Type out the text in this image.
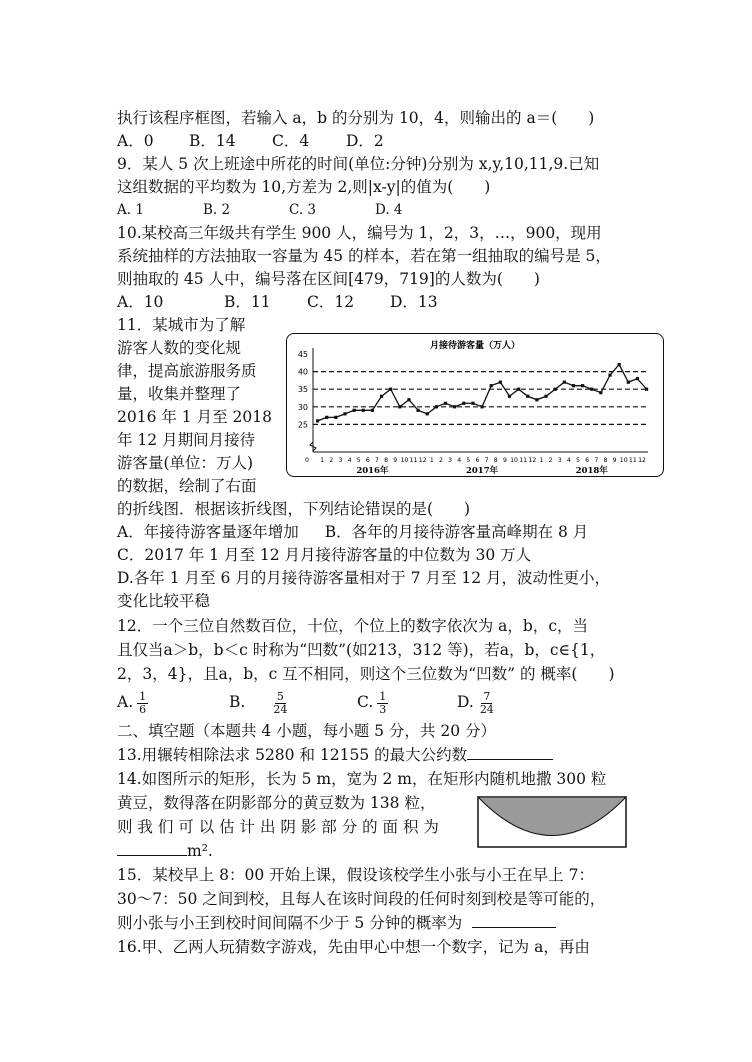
执行该程序框图，若输入 a，b 的分别为 10，4，则输出的 a＝(　　)
A．0 B．14 C．4 D．2
9．某人 5 次上班途中所花的时间(单位:分钟)分别为 x,y,10,11,9.已知
这组数据的平均数为 10,方差为 2,则|x-y|的值为(　　)
A. 1	B. 2	C. 3	D. 4
10.某校高三年级共有学生 900 人，编号为 1，2，3，…，900，现用
系统抽样的方法抽取一容量为 45 的样本，若在第一组抽取的编号是 5，
则抽取的 45 人中，编号落在区间[479，719]的人数为(　　)
A．10	B．11 C．12 D．13
11．某城市为了解
游客人数的变化规
律，提高旅游服务质
量，收集并整理了
2016 年 1 月至 2018
年 12 月期间月接待
游客量(单位：万人)
的数据，绘制了右面
的折线图．根据该折线图，下列结论错误的是(　　)
A．年接待游客量逐年增加 B．各年的月接待游客量高峰期在 8 月
C．2017 年 1 月至 12 月月接待游客量的中位数为 30 万人
D.各年 1 月至 6 月的月接待游客量相对于 7 月至 12 月，波动性更小，
变化比较平稳
12．一个三位自然数百位，十位，个位上的数字依次为 a，b，c，当
且仅当a＞b，b＜c 时称为“凹数”(如213，312 等)，若a，b，c∈{1，
2，3，4}，且a，b，c 互不相同，则这个三位数为“凹数” 的 概率(　　)
A. $\frac{1}{6}$	B. $\frac{5}{24}$	C. $\frac{1}{3}$	D. $\frac{7}{24}$
二、填空题（本题共 4 小题，每小题 5 分，共 20 分）
13.用辗转相除法求 5280 和 12155 的最大公约数
14.如图所示的矩形，长为 5 m，宽为 2 m，在矩形内随机地撒 300 粒
黄豆，数得落在阴影部分的黄豆数为 138 粒，
则 我 们 可 以 估 计 出 阴 影 部 分 的 面 积 为
m².
15．某校早上 8：00 开始上课，假设该校学生小张与小王在早上 7：
30～7：50 之间到校，且每人在该时间段的任何时刻到校是等可能的，
则小张与小王到校时间间隔不少于 5 分钟的概率为
16.甲、乙两人玩猜数字游戏，先由甲心中想一个数字，记为 a，再由
月接待游客量（万人）
25
30
35
40
45
0 1 2 3 4 5 6 7 8 9 10 11 12 1 2 3 4 5 6 7 8 9 10 11 12 1 2 3 4 5 6 7 8 9 10 11 12
2016年	2017年	2018年
